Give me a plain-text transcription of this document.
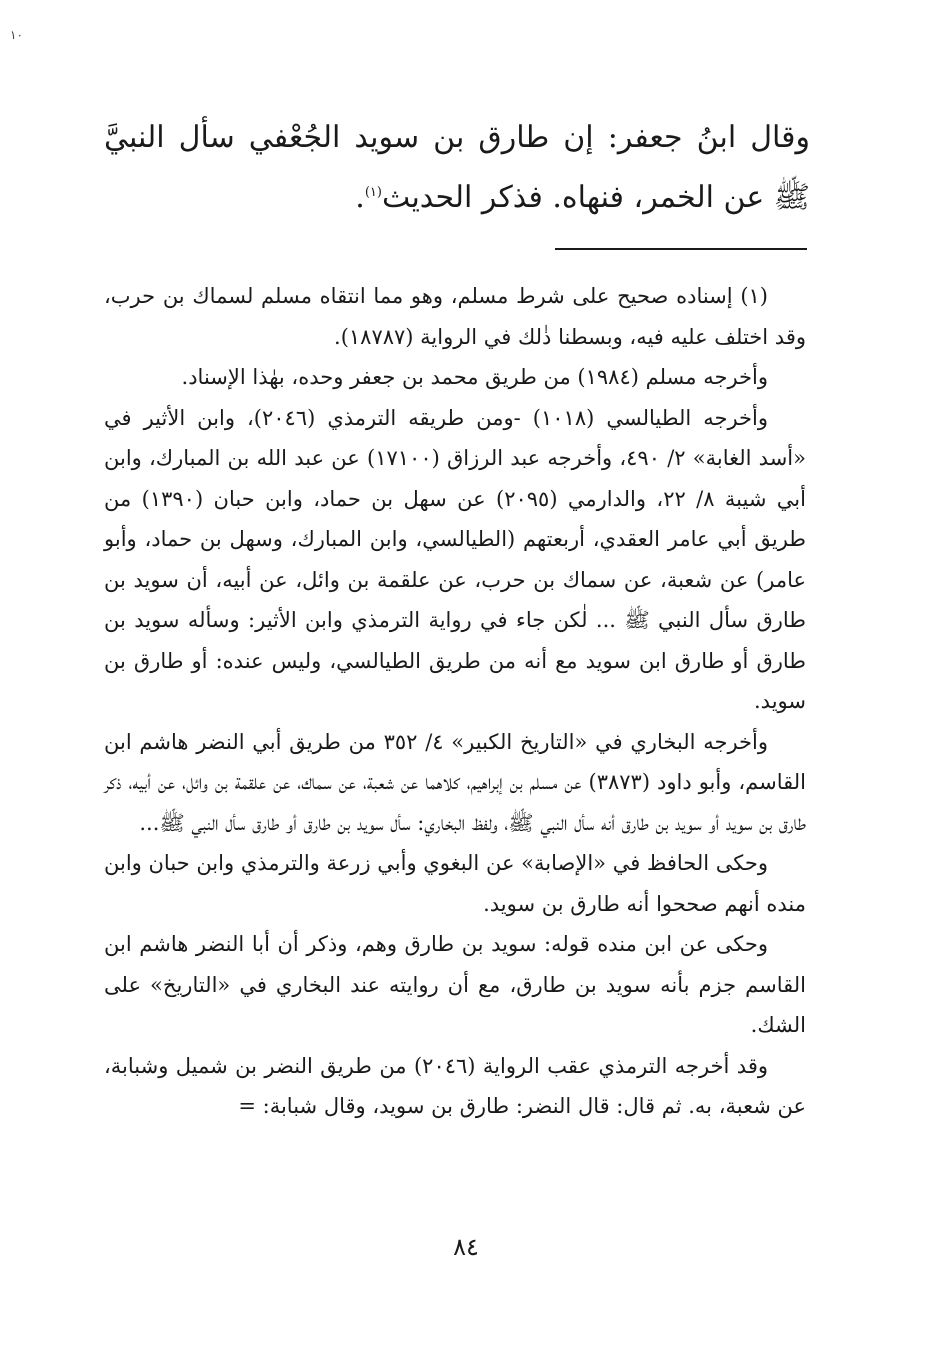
١٠

وقال ابنُ جعفر: إن طارق بن سويد الجُعْفي سأل النبيَّ ﷺ عن الخمر، فنهاه. فذكر الحديث$^{(١)}$.

(١) إسناده صحيح على شرط مسلم، وهو مما انتقاه مسلم لسماك بن حرب، وقد اختلف عليه فيه، وبسطنا ذٰلك في الرواية (١٨٧٨٧).

وأخرجه مسلم (١٩٨٤) من طريق محمد بن جعفر وحده، بهٰذا الإسناد.

وأخرجه الطيالسي (١٠١٨) -ومن طريقه الترمذي (٢٠٤٦)، وابن الأثير في «أسد الغابة» ٢/ ٤٩٠، وأخرجه عبد الرزاق (١٧١٠٠) عن عبد الله بن المبارك، وابن أبي شيبة ٨/ ٢٢، والدارمي (٢٠٩٥) عن سهل بن حماد، وابن حبان (١٣٩٠) من طريق أبي عامر العقدي، أربعتهم (الطيالسي، وابن المبارك، وسهل بن حماد، وأبو عامر) عن شعبة، عن سماك بن حرب، عن علقمة بن وائل، عن أبيه، أن سويد بن طارق سأل النبي ﷺ ... لٰكن جاء في رواية الترمذي وابن الأثير: وسأله سويد بن طارق أو طارق ابن سويد مع أنه من طريق الطيالسي، وليس عنده: أو طارق بن سويد.

وأخرجه البخاري في «التاريخ الكبير» ٤/ ٣٥٢ من طريق أبي النضر هاشم ابن القاسم، وأبو داود (٣٨٧٣) عن مسلم بن إبراهيم، كلاهما عن شعبة، عن سماك، عن علقمة بن وائل، عن أبيه، ذكر طارق بن سويد أو سويد بن طارق أنه سأل النبي ﷺ، ولفظ البخاري: سأل سويد بن طارق أو طارق سأل النبي ﷺ...

وحكى الحافظ في «الإصابة» عن البغوي وأبي زرعة والترمذي وابن حبان وابن منده أنهم صححوا أنه طارق بن سويد.

وحكى عن ابن منده قوله: سويد بن طارق وهم، وذكر أن أبا النضر هاشم ابن القاسم جزم بأنه سويد بن طارق، مع أن روايته عند البخاري في «التاريخ» على الشك.

وقد أخرجه الترمذي عقب الرواية (٢٠٤٦) من طريق النضر بن شميل وشبابة، عن شعبة، به. ثم قال: قال النضر: طارق بن سويد، وقال شبابة: =

٨٤
